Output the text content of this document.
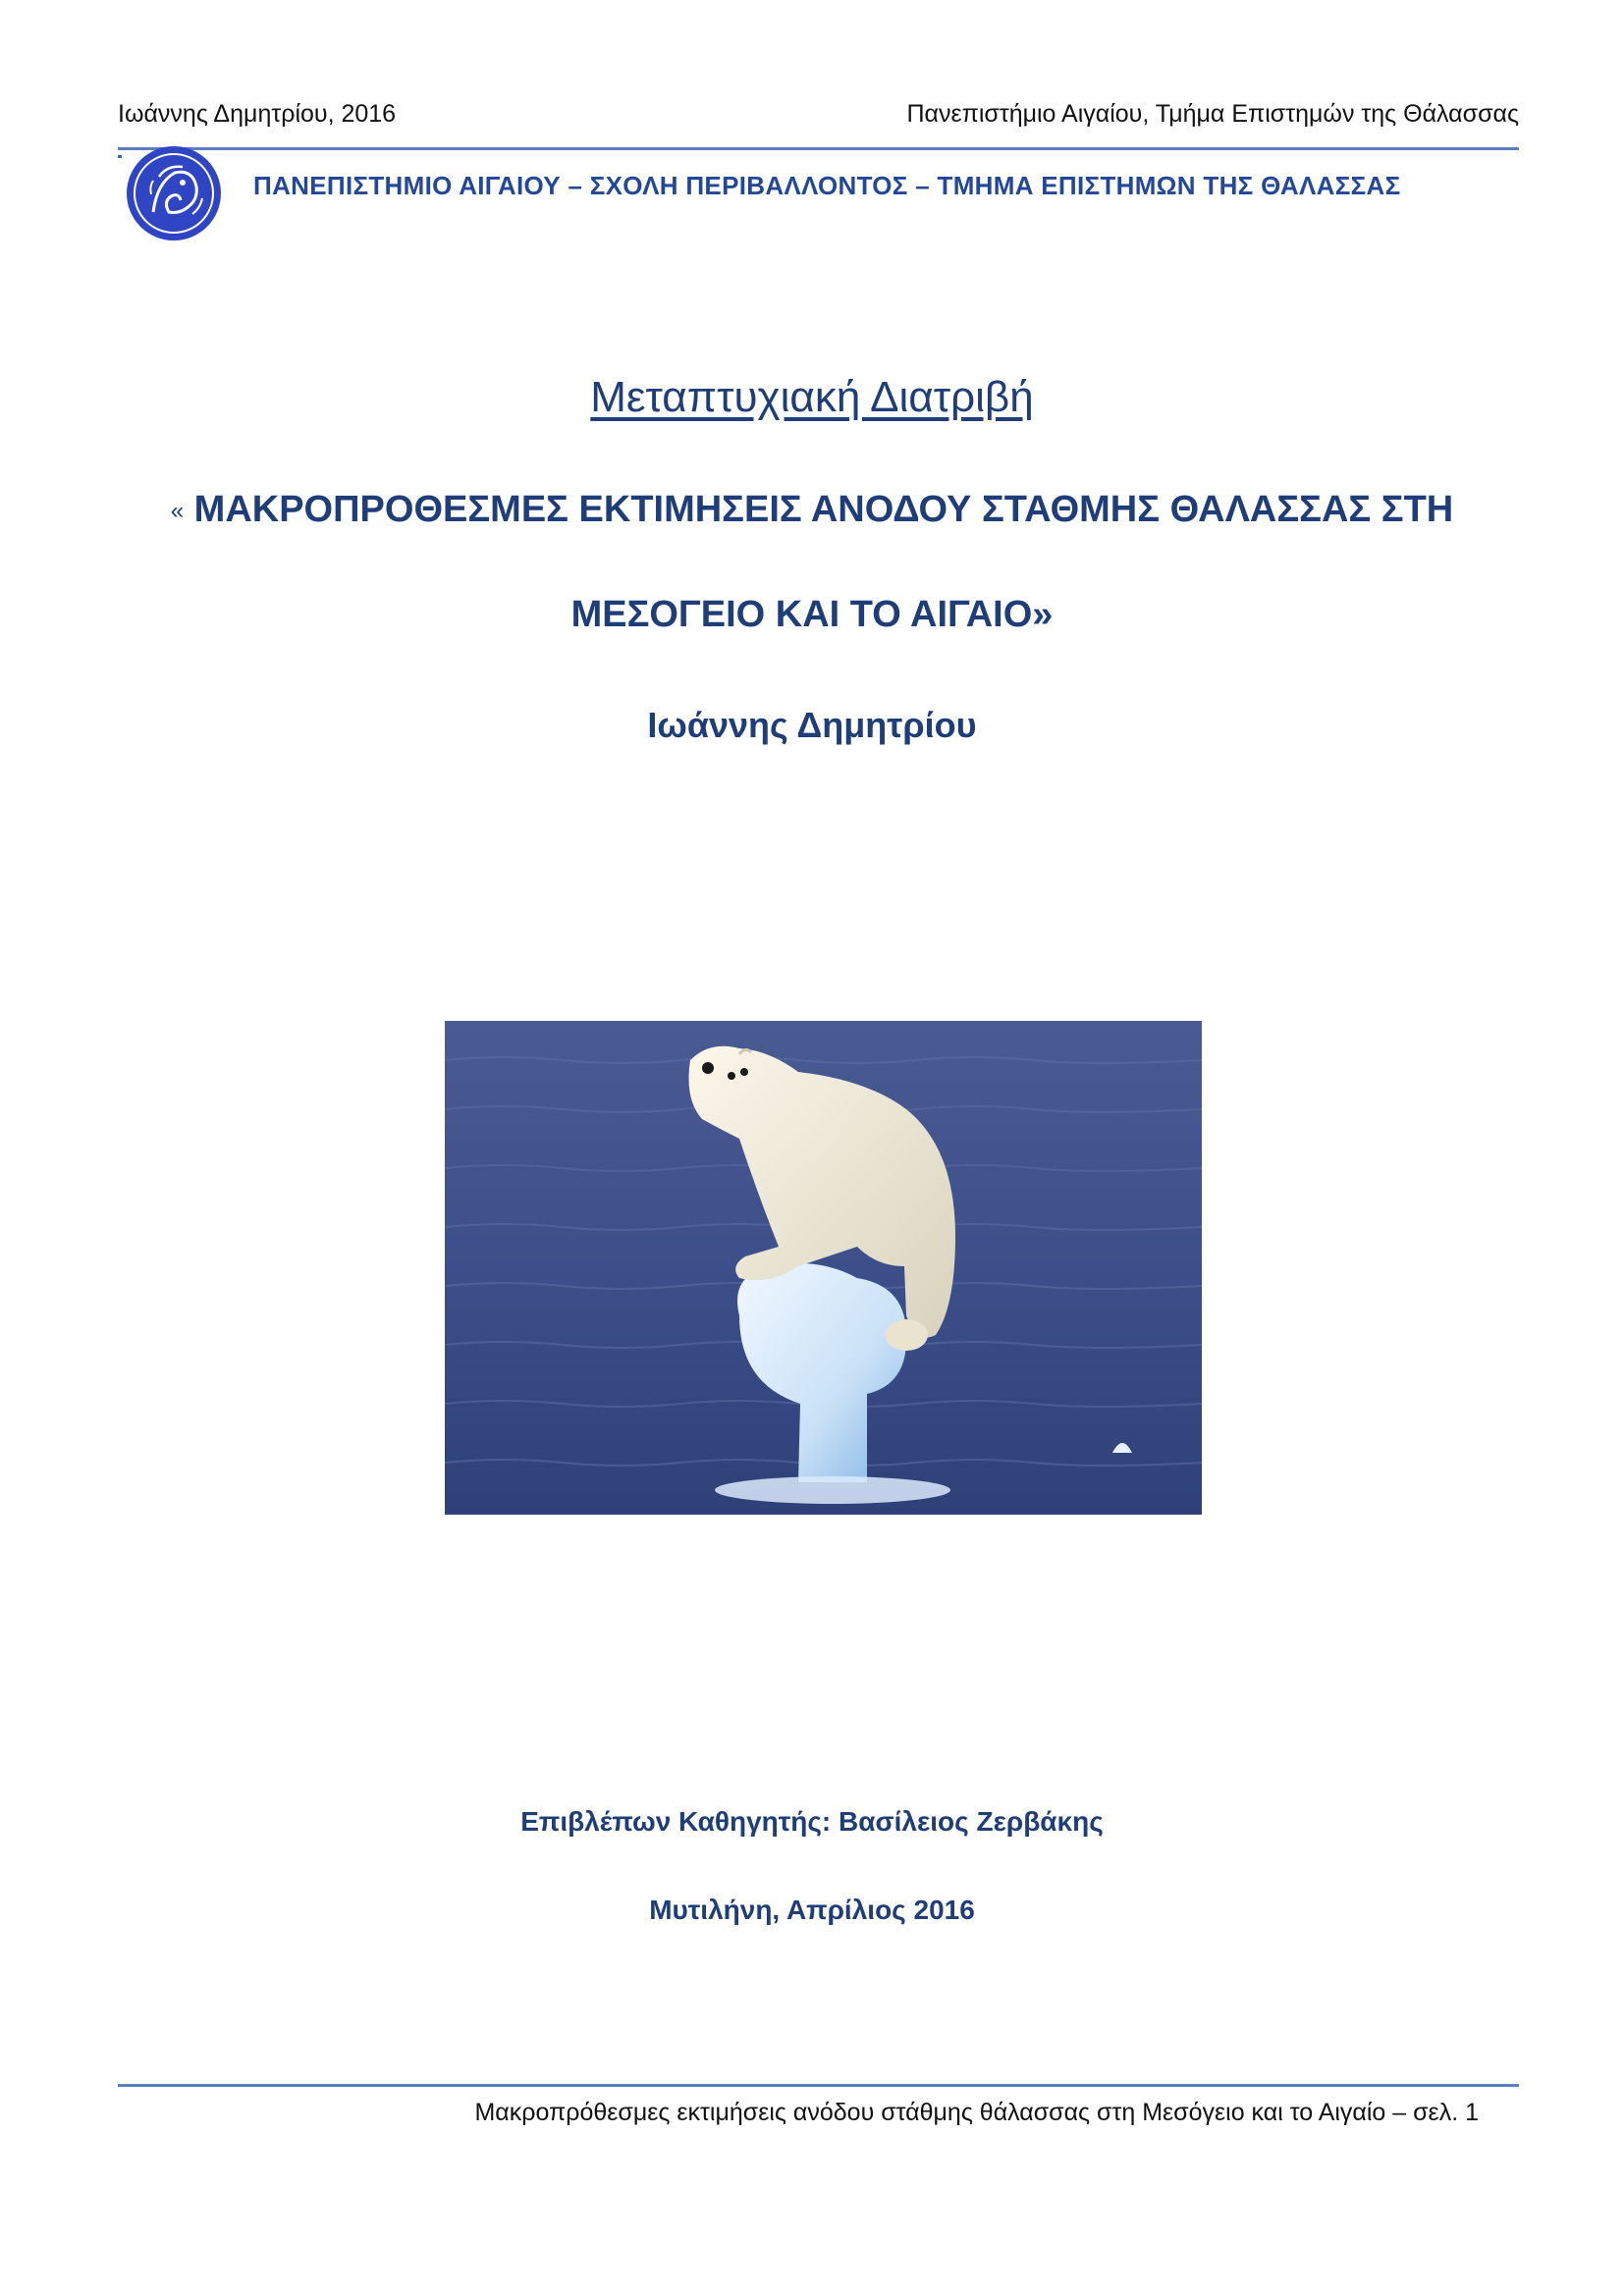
Ιωάννης Δημητρίου, 2016	Πανεπιστήμιο Αιγαίου, Τμήμα Επιστημών της Θάλασσας
ΠΑΝΕΠΙΣΤΗΜΙΟ ΑΙΓΑΙΟΥ – ΣΧΟΛΗ ΠΕΡΙΒΑΛΛΟΝΤΟΣ – ΤΜΗΜΑ ΕΠΙΣΤΗΜΩΝ ΤΗΣ ΘΑΛΑΣΣΑΣ
Μεταπτυχιακή Διατριβή
« ΜΑΚΡΟΠΡΟΘΕΣΜΕΣ ΕΚΤΙΜΗΣΕΙΣ ΑΝΟΔΟΥ ΣΤΑΘΜΗΣ ΘΑΛΑΣΣΑΣ ΣΤΗ
ΜΕΣΟΓΕΙΟ ΚΑΙ ΤΟ ΑΙΓΑΙΟ»
Ιωάννης Δημητρίου
Επιβλέπων Καθηγητής: Βασίλειος Ζερβάκης
Μυτιλήνη, Απρίλιος 2016
Μακροπρόθεσμες εκτιμήσεις ανόδου στάθμης θάλασσας στη Μεσόγειο και το Αιγαίο – σελ. 1
